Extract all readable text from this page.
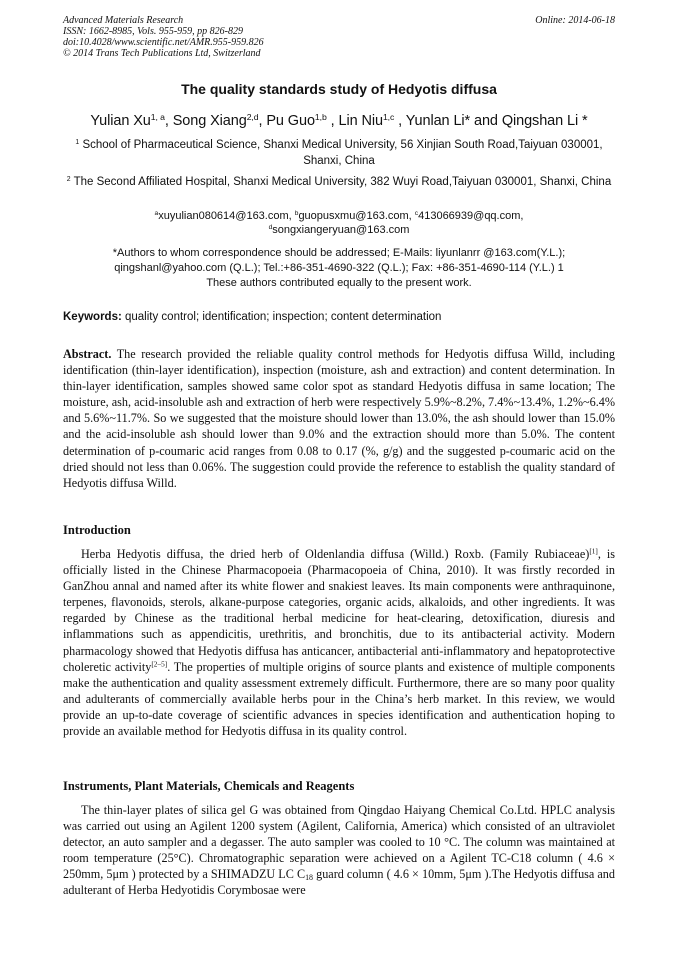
Advanced Materials Research
ISSN: 1662-8985, Vols. 955-959, pp 826-829
doi:10.4028/www.scientific.net/AMR.955-959.826
© 2014 Trans Tech Publications Ltd, Switzerland
Online: 2014-06-18
The quality standards study of Hedyotis diffusa
Yulian Xu$^{1, a}$, Song Xiang$^{2,d}$, Pu Guo$^{1,b}$ , Lin Niu$^{1,c}$ , Yunlan Li* and Qingshan Li *
$^1$ School of Pharmaceutical Science, Shanxi Medical University, 56 Xinjian South Road,Taiyuan 030001, Shanxi, China
$^2$ The Second Affiliated Hospital, Shanxi Medical University, 382 Wuyi Road,Taiyuan 030001, Shanxi, China
$^a$xuyulian080614@163.com, $^b$guopusxmu@163.com, $^c$413066939@qq.com,
$^d$songxiangeryuan@163.com
*Authors to whom correspondence should be addressed; E-Mails: liyunlanrr @163.com(Y.L.);
qingshanl@yahoo.com (Q.L.); Tel.:+86-351-4690-322 (Q.L.); Fax: +86-351-4690-114 (Y.L.) 1
These authors contributed equally to the present work.
Keywords: quality control; identification; inspection; content determination
Abstract. The research provided the reliable quality control methods for Hedyotis diffusa Willd, including identification (thin-layer identification), inspection (moisture, ash and extraction) and content determination. In thin-layer identification, samples showed same color spot as standard Hedyotis diffusa in same location; The moisture, ash, acid-insoluble ash and extraction of herb were respectively 5.9%~8.2%, 7.4%~13.4%, 1.2%~6.4% and 5.6%~11.7%. So we suggested that the moisture should lower than 13.0%, the ash should lower than 15.0% and the acid-insoluble ash should lower than 9.0% and the extraction should more than 5.0%. The content determination of p-coumaric acid ranges from 0.08 to 0.17 (%, g/g) and the suggested p-coumaric acid on the dried should not less than 0.06%. The suggestion could provide the reference to establish the quality standard of Hedyotis diffusa Willd.
Introduction
Herba Hedyotis diffusa, the dried herb of Oldenlandia diffusa (Willd.) Roxb. (Family Rubiaceae)[1], is officially listed in the Chinese Pharmacopoeia (Pharmacopoeia of China, 2010). It was firstly recorded in GanZhou annal and named after its white flower and snakiest leaves. Its main components were anthraquinone, terpenes, flavonoids, sterols, alkane-purpose categories, organic acids, alkaloids, and other ingredients. It was regarded by Chinese as the traditional herbal medicine for heat-clearing, detoxification, diuresis and inflammations such as appendicitis, urethritis, and bronchitis, due to its antibacterial activity. Modern pharmacology showed that Hedyotis diffusa has anticancer, antibacterial anti-inflammatory and hepatoprotective choleretic activity[2–5]. The properties of multiple origins of source plants and existence of multiple components make the authentication and quality assessment extremely difficult. Furthermore, there are so many poor quality and adulterants of commercially available herbs pour in the China’s herb market. In this review, we would provide an up-to-date coverage of scientific advances in species identification and authentication hoping to provide an available method for Hedyotis diffusa in its quality control.
Instruments, Plant Materials, Chemicals and Reagents
The thin-layer plates of silica gel G was obtained from Qingdao Haiyang Chemical Co.Ltd. HPLC analysis was carried out using an Agilent 1200 system (Agilent, California, America) which consisted of an ultraviolet detector, an auto sampler and a degasser. The auto sampler was cooled to 10 °C. The column was maintained at room temperature (25°C). Chromatographic separation were achieved on a Agilent TC-C18 column ( 4.6 × 250mm, 5μm ) protected by a SHIMADZU LC $C_{18}$ guard column ( 4.6 × 10mm, 5μm ).The Hedyotis diffusa and adulterant of Herba Hedyotidis Corymbosae were
